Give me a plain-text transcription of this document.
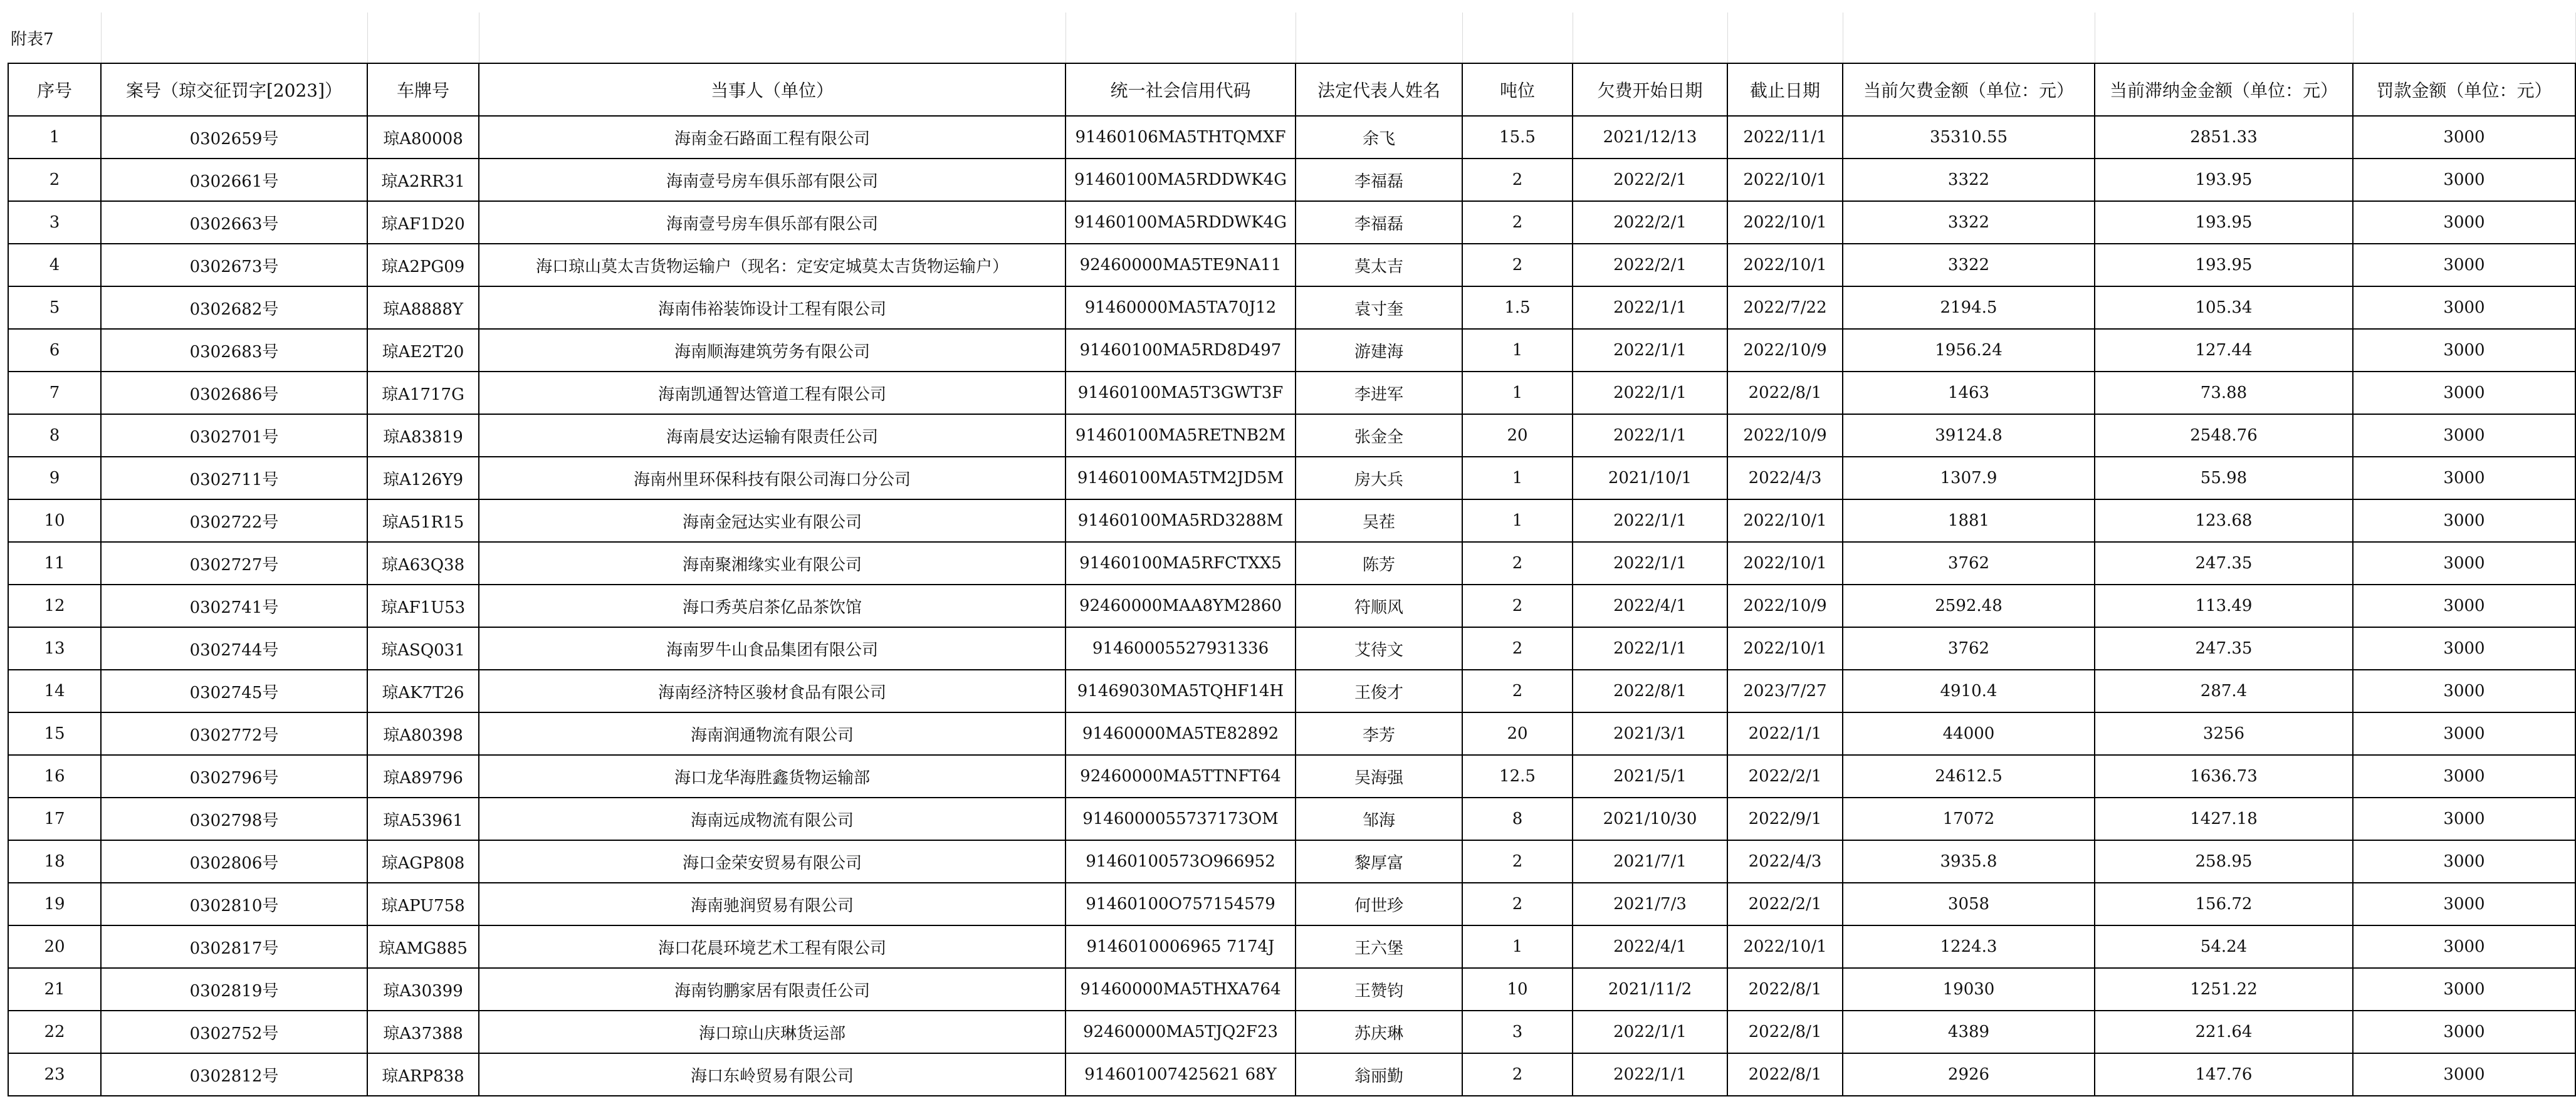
附表7											
序号	案号（琼交征罚字[2023]）	车牌号	当事人（单位）	统一社会信用代码	法定代表人姓名	吨位	欠费开始日期	截止日期	当前欠费金额（单位：元）	当前滞纳金金额（单位：元）	罚款金额（单位：元）
1	0302659号	琼A80008	海南金石路面工程有限公司	91460106MA5THTQMXF	余飞	15.5	2021/12/13	2022/11/1	35310.55	2851.33	3000
2	0302661号	琼A2RR31	海南壹号房车俱乐部有限公司	91460100MA5RDDWK4G	李福磊	2	2022/2/1	2022/10/1	3322	193.95	3000
3	0302663号	琼AF1D20	海南壹号房车俱乐部有限公司	91460100MA5RDDWK4G	李福磊	2	2022/2/1	2022/10/1	3322	193.95	3000
4	0302673号	琼A2PG09	海口琼山莫太吉货物运输户（现名：定安定城莫太吉货物运输户）	92460000MA5TE9NA11	莫太吉	2	2022/2/1	2022/10/1	3322	193.95	3000
5	0302682号	琼A8888Y	海南伟裕装饰设计工程有限公司	91460000MA5TA70J12	袁寸奎	1.5	2022/1/1	2022/7/22	2194.5	105.34	3000
6	0302683号	琼AE2T20	海南顺海建筑劳务有限公司	91460100MA5RD8D497	游建海	1	2022/1/1	2022/10/9	1956.24	127.44	3000
7	0302686号	琼A1717G	海南凯通智达管道工程有限公司	91460100MA5T3GWT3F	李进军	1	2022/1/1	2022/8/1	1463	73.88	3000
8	0302701号	琼A83819	海南晨安达运输有限责任公司	91460100MA5RETNB2M	张金全	20	2022/1/1	2022/10/9	39124.8	2548.76	3000
9	0302711号	琼A126Y9	海南州里环保科技有限公司海口分公司	91460100MA5TM2JD5M	房大兵	1	2021/10/1	2022/4/3	1307.9	55.98	3000
10	0302722号	琼A51R15	海南金冠达实业有限公司	91460100MA5RD3288M	吴茬	1	2022/1/1	2022/10/1	1881	123.68	3000
11	0302727号	琼A63Q38	海南聚湘缘实业有限公司	91460100MA5RFCTXX5	陈芳	2	2022/1/1	2022/10/1	3762	247.35	3000
12	0302741号	琼AF1U53	海口秀英启茶亿品茶饮馆	92460000MAA8YM2860	符顺风	2	2022/4/1	2022/10/9	2592.48	113.49	3000
13	0302744号	琼ASQ031	海南罗牛山食品集团有限公司	91460005527931336	艾待文	2	2022/1/1	2022/10/1	3762	247.35	3000
14	0302745号	琼AK7T26	海南经济特区骏材食品有限公司	91469030MA5TQHF14H	王俊才	2	2022/8/1	2023/7/27	4910.4	287.4	3000
15	0302772号	琼A80398	海南润通物流有限公司	91460000MA5TE82892	李芳	20	2021/3/1	2022/1/1	44000	3256	3000
16	0302796号	琼A89796	海口龙华海胜鑫货物运输部	92460000MA5TTNFT64	吴海强	12.5	2021/5/1	2022/2/1	24612.5	1636.73	3000
17	0302798号	琼A53961	海南远成物流有限公司	9146000055737173OM	邹海	8	2021/10/30	2022/9/1	17072	1427.18	3000
18	0302806号	琼AGP808	海口金荣安贸易有限公司	91460100573O966952	黎厚富	2	2021/7/1	2022/4/3	3935.8	258.95	3000
19	0302810号	琼APU758	海南驰润贸易有限公司	91460100O757154579	何世珍	2	2021/7/3	2022/2/1	3058	156.72	3000
20	0302817号	琼AMG885	海口花晨环境艺术工程有限公司	9146010006965 7174J	王六堡	1	2022/4/1	2022/10/1	1224.3	54.24	3000
21	0302819号	琼A30399	海南钧鹏家居有限责任公司	91460000MA5THXA764	王赞钧	10	2021/11/2	2022/8/1	19030	1251.22	3000
22	0302752号	琼A37388	海口琼山庆琳货运部	92460000MA5TJQ2F23	苏庆琳	3	2022/1/1	2022/8/1	4389	221.64	3000
23	0302812号	琼ARP838	海口东岭贸易有限公司	914601007425621 68Y	翁丽勤	2	2022/1/1	2022/8/1	2926	147.76	3000
